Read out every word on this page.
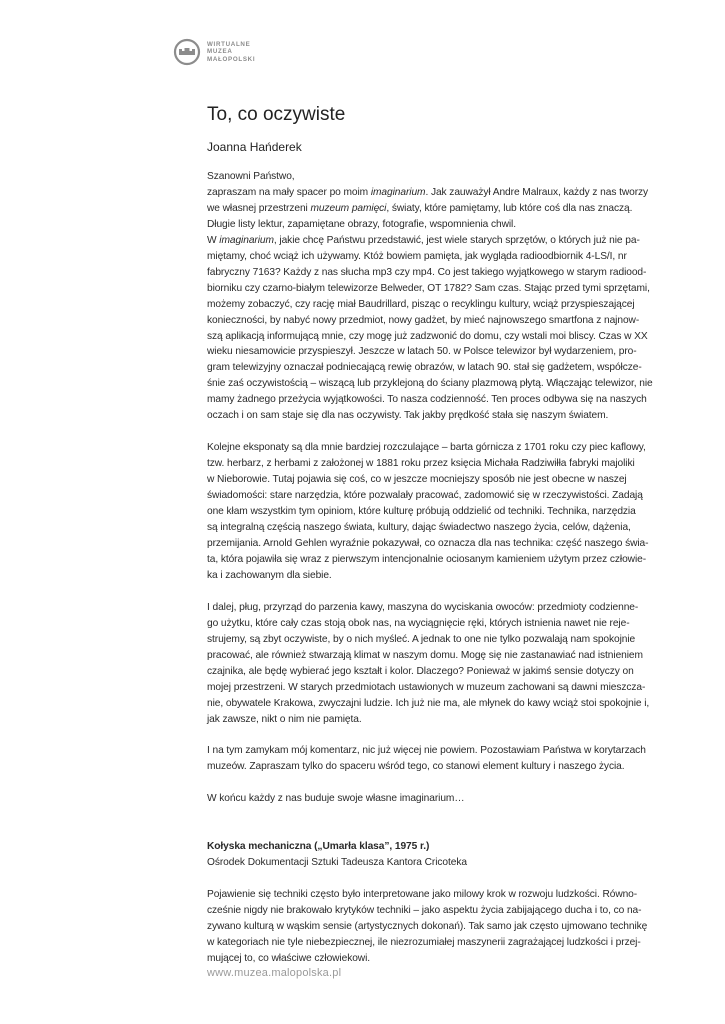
WIRTUALNE
MUZEA
MAŁOPOLSKI
To, co oczywiste
Joanna Hańderek

Szanowni Państwo,
zapraszam na mały spacer po moim imaginarium. Jak zauważył Andre Malraux, każdy z nas tworzy
we własnej przestrzeni muzeum pamięci, światy, które pamiętamy, lub które coś dla nas znaczą.
Długie listy lektur, zapamiętane obrazy, fotografie, wspomnienia chwil.

W imaginarium, jakie chcę Państwu przedstawić, jest wiele starych sprzętów, o których już nie pa-
miętamy, choć wciąż ich używamy. Któż bowiem pamięta, jak wygląda radioodbiornik 4-LS/I, nr
fabryczny 7163? Każdy z nas słucha mp3 czy mp4. Co jest takiego wyjątkowego w starym radiood-
biorniku czy czarno-białym telewizorze Belweder, OT 1782? Sam czas. Stając przed tymi sprzętami,
możemy zobaczyć, czy rację miał Baudrillard, pisząc o recyklingu kultury, wciąż przyspieszającej
konieczności, by nabyć nowy przedmiot, nowy gadżet, by mieć najnowszego smartfona z najnow-
szą aplikacją informującą mnie, czy mogę już zadzwonić do domu, czy wstali moi bliscy. Czas w XX
wieku niesamowicie przyspieszył. Jeszcze w latach 50. w Polsce telewizor był wydarzeniem, pro-
gram telewizyjny oznaczał podniecającą rewię obrazów, w latach 90. stał się gadżetem, współcze-
śnie zaś oczywistością – wiszącą lub przyklejoną do ściany plazmową płytą. Włączając telewizor, nie
mamy żadnego przeżycia wyjątkowości. To nasza codzienność. Ten proces odbywa się na naszych
oczach i on sam staje się dla nas oczywisty. Tak jakby prędkość stała się naszym światem.

Kolejne eksponaty są dla mnie bardziej rozczulające – barta górnicza z 1701 roku czy piec kaflowy,
tzw. herbarz, z herbami z założonej w 1881 roku przez księcia Michała Radziwiłła fabryki majoliki
w Nieborowie. Tutaj pojawia się coś, co w jeszcze mocniejszy sposób nie jest obecne w naszej
świadomości: stare narzędzia, które pozwalały pracować, zadomowić się w rzeczywistości. Zadają
one kłam wszystkim tym opiniom, które kulturę próbują oddzielić od techniki. Technika, narzędzia
są integralną częścią naszego świata, kultury, dając świadectwo naszego życia, celów, dążenia,
przemijania. Arnold Gehlen wyraźnie pokazywał, co oznacza dla nas technika: część naszego świa-
ta, która pojawiła się wraz z pierwszym intencjonalnie ociosanym kamieniem użytym przez człowie-
ka i zachowanym dla siebie.

I dalej, pług, przyrząd do parzenia kawy, maszyna do wyciskania owoców: przedmioty codzienne-
go użytku, które cały czas stoją obok nas, na wyciągnięcie ręki, których istnienia nawet nie reje-
strujemy, są zbyt oczywiste, by o nich myśleć. A jednak to one nie tylko pozwalają nam spokojnie
pracować, ale również stwarzają klimat w naszym domu. Mogę się nie zastanawiać nad istnieniem
czajnika, ale będę wybierać jego kształt i kolor. Dlaczego? Ponieważ w jakimś sensie dotyczy on
mojej przestrzeni. W starych przedmiotach ustawionych w muzeum zachowani są dawni mieszcza-
nie, obywatele Krakowa, zwyczajni ludzie. Ich już nie ma, ale młynek do kawy wciąż stoi spokojnie i,
jak zawsze, nikt o nim nie pamięta.

I na tym zamykam mój komentarz, nic już więcej nie powiem. Pozostawiam Państwa w korytarzach
muzeów. Zapraszam tylko do spaceru wśród tego, co stanowi element kultury i naszego życia.

W końcu każdy z nas buduje swoje własne imaginarium…

Kołyska mechaniczna („Umarła klasa”, 1975 r.)
Ośrodek Dokumentacji Sztuki Tadeusza Kantora Cricoteka

Pojawienie się techniki często było interpretowane jako milowy krok w rozwoju ludzkości. Równo-
cześnie nigdy nie brakowało krytyków techniki – jako aspektu życia zabijającego ducha i to, co na-
zywano kulturą w wąskim sensie (artystycznych dokonań). Tak samo jak często ujmowano technikę
w kategoriach nie tyle niebezpiecznej, ile niezrozumiałej maszynerii zagrażającej ludzkości i przej-
mującej to, co właściwe człowiekowi.

www.muzea.malopolska.pl
